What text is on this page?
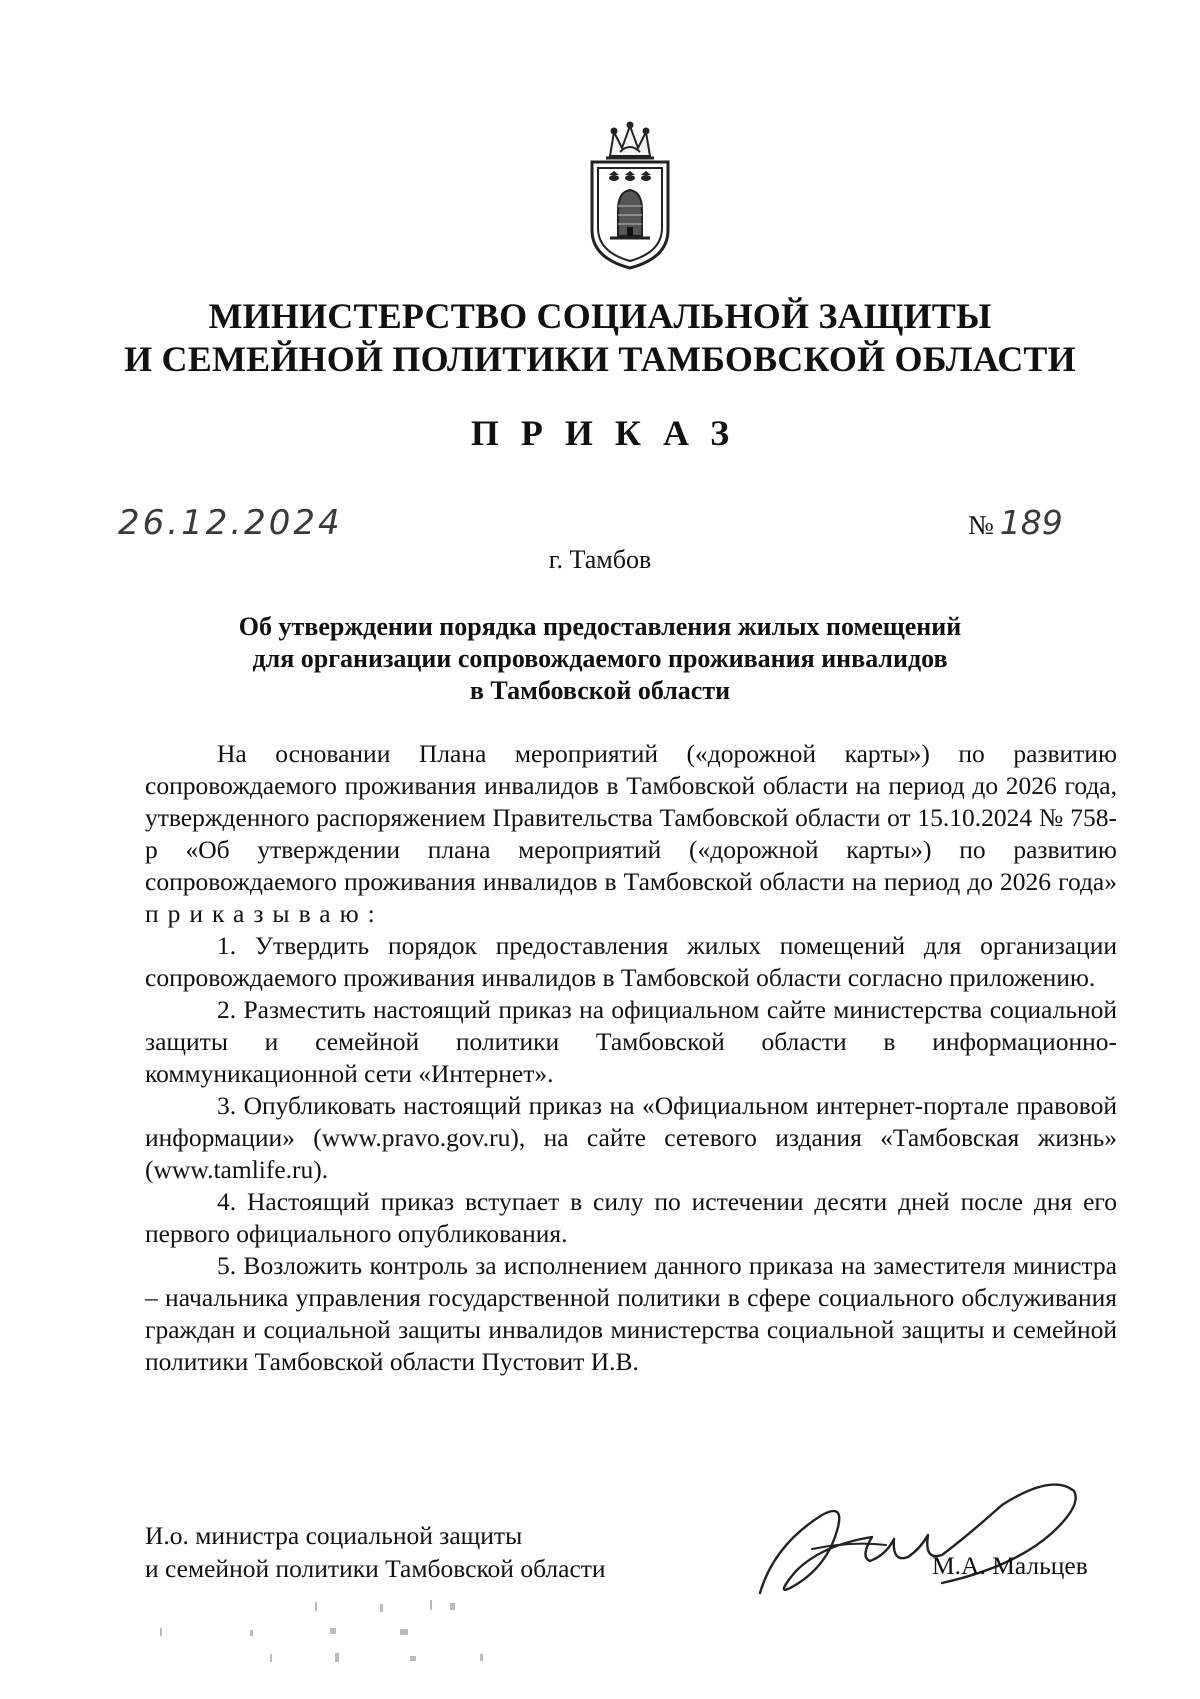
МИНИСТЕРСТВО СОЦИАЛЬНОЙ ЗАЩИТЫ
И СЕМЕЙНОЙ ПОЛИТИКИ ТАМБОВСКОЙ ОБЛАСТИ
ПРИКАЗ
26.12.2024	№ 189
г. Тамбов
Об утверждении порядка предоставления жилых помещений
для организации сопровождаемого проживания инвалидов
в Тамбовской области

На основании Плана мероприятий («дорожной карты») по развитию сопровождаемого проживания инвалидов в Тамбовской области на период до 2026 года, утвержденного распоряжением Правительства Тамбовской области от 15.10.2024 № 758-р «Об утверждении плана мероприятий («дорожной карты») по развитию сопровождаемого проживания инвалидов в Тамбовской области на период до 2026 года» приказываю:

1. Утвердить порядок предоставления жилых помещений для организации сопровождаемого проживания инвалидов в Тамбовской области согласно приложению.

2. Разместить настоящий приказ на официальном сайте министерства социальной защиты и семейной политики Тамбовской области в информационно-коммуникационной сети «Интернет».

3. Опубликовать настоящий приказ на «Официальном интернет-портале правовой информации» (www.pravo.gov.ru), на сайте сетевого издания «Тамбовская жизнь» (www.tamlife.ru).

4. Настоящий приказ вступает в силу по истечении десяти дней после дня его первого официального опубликования.

5. Возложить контроль за исполнением данного приказа на заместителя министра – начальника управления государственной политики в сфере социального обслуживания граждан и социальной защиты инвалидов министерства социальной защиты и семейной политики Тамбовской области Пустовит И.В.

И.о. министра социальной защиты
и семейной политики Тамбовской области	М.А. Мальцев
